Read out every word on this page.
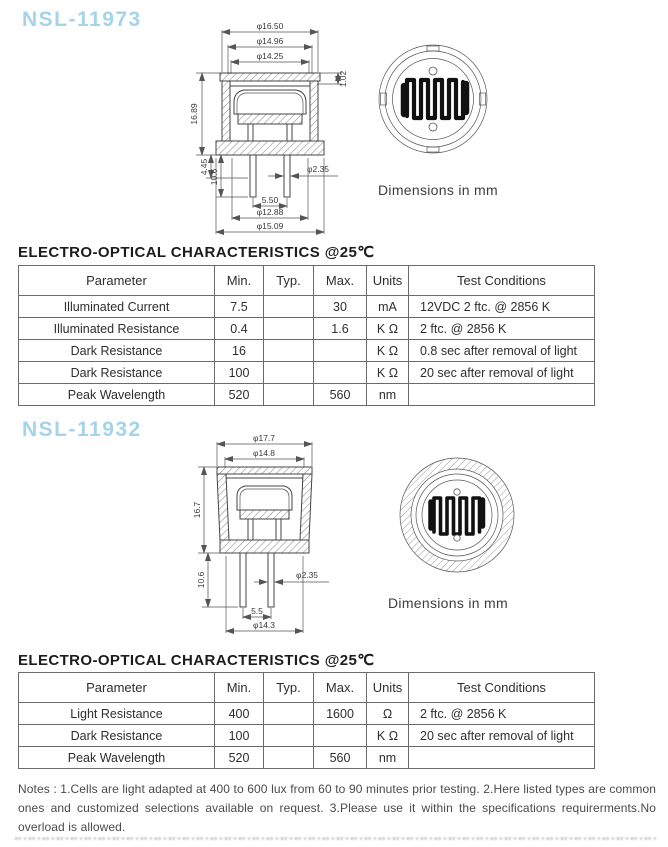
NSL-11973	φ16.50
φ14.96
φ14.25
1.02
16.89
4.45
10.6	φ2.35
5.50
φ12.88
φ15.09
Dimensions in mm
ELECTRO-OPTICAL CHARACTERISTICS @25℃
Parameter	Min.	Typ.	Max.	Units	Test Conditions
Illuminated Current	7.5		30	mA	12VDC 2 ftc. @ 2856 K
Illuminated Resistance	0.4		1.6	K Ω	2 ftc. @ 2856 K
Dark Resistance	16			K Ω	0.8 sec after removal of light
Dark Resistance	100			K Ω	20 sec after removal of light
Peak Wavelength	520		560	nm	
NSL-11932	φ17.7
φ14.8
16.7
10.6	φ2.35
5.5
φ14.3
Dimensions in mm
ELECTRO-OPTICAL CHARACTERISTICS @25℃
Parameter	Min.	Typ.	Max.	Units	Test Conditions
Light Resistance	400		1600	Ω	2 ftc. @ 2856 K
Dark Resistance	100			K Ω	20 sec after removal of light
Peak Wavelength	520		560	nm	
Notes : 1.Cells are light adapted at 400 to 600 lux from 60 to 90 minutes prior testing. 2.Here listed types are common ones and customized selections available on request. 3.Please use it within the specifications requirerments.No overload is allowed.
